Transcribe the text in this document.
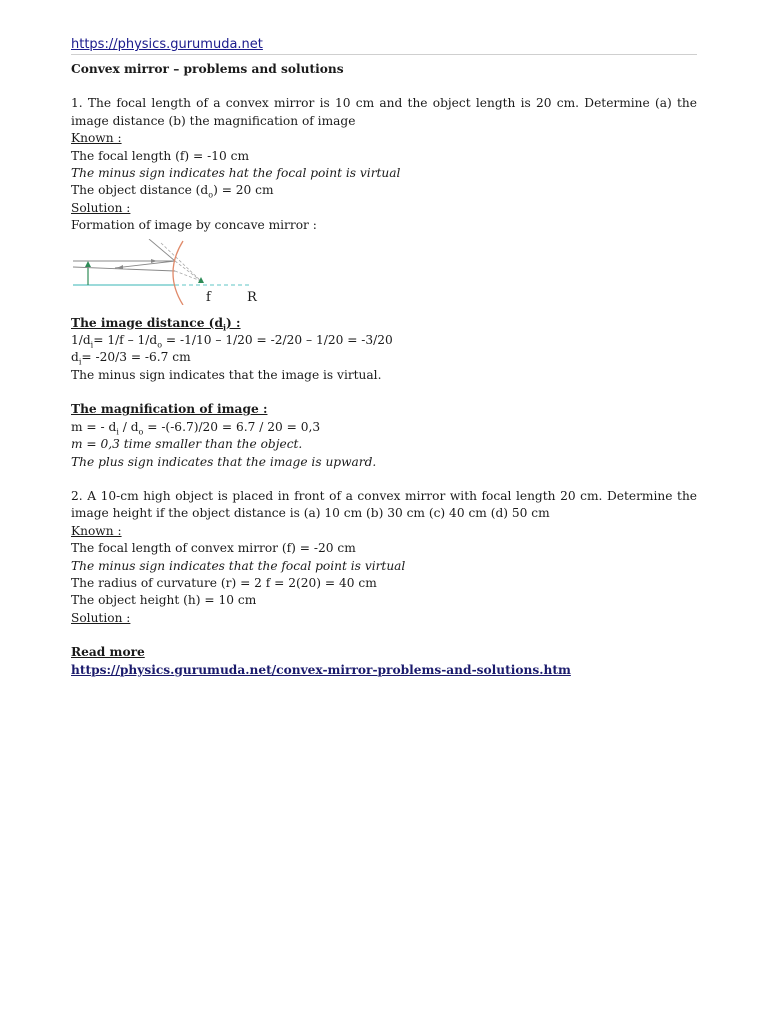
https://physics.gurumuda.net
Convex mirror – problems and solutions
1. The focal length of a convex mirror is 10 cm and the object length is 20 cm. Determine (a) the image distance (b) the magnification of image
Known :
The focal length (f) = -10 cm
The minus sign indicates hat the focal point is virtual
The object distance $(d_o) = 20$ cm
Solution :
Formation of image by concave mirror :
f	R
The image distance $(d_i)$ :
$1/d_i= 1/f - 1/d_o = -1/10 - 1/20 = -2/20 - 1/20 = -3/20$
$d_i= -20/3 = -6.7$ cm
The minus sign indicates that the image is virtual.
The magnification of image :
m = - $d_i / d_o = -(-6.7)/20 = 6.7 / 20 = 0,3$
m = 0,3 time smaller than the object.
The plus sign indicates that the image is upward.
2. A 10-cm high object is placed in front of a convex mirror with focal length 20 cm. Determine the image height if the object distance is (a) 10 cm (b) 30 cm (c) 40 cm (d) 50 cm
Known :
The focal length of convex mirror (f) = -20 cm
The minus sign indicates that the focal point is virtual
The radius of curvature (r) = 2 f = 2(20) = 40 cm
The object height (h) = 10 cm
Solution :
Read more
https://physics.gurumuda.net/convex-mirror-problems-and-solutions.htm
